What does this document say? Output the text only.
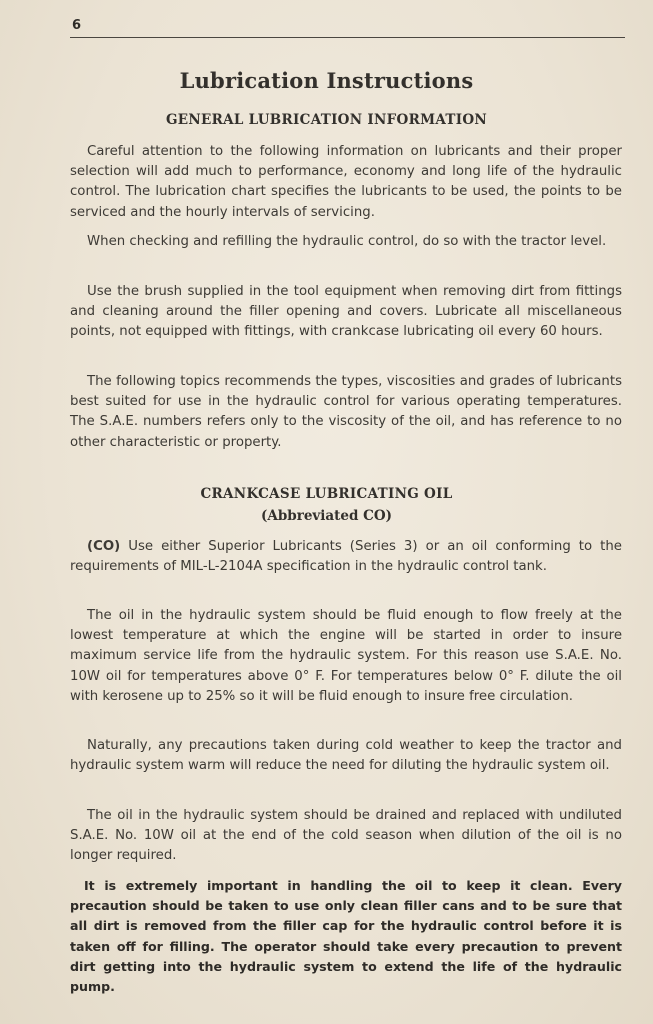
6
Lubrication Instructions
GENERAL LUBRICATION INFORMATION

Careful attention to the following information on lubricants and their proper selection will add much to performance, economy and long life of the hydraulic control. The lubrication chart specifies the lubricants to be used, the points to be serviced and the hourly intervals of servicing.

When checking and refilling the hydraulic control, do so with the tractor level.

Use the brush supplied in the tool equipment when removing dirt from fittings and cleaning around the filler opening and covers. Lubricate all miscellaneous points, not equipped with fittings, with crankcase lubricating oil every 60 hours.

The following topics recommends the types, viscosities and grades of lubricants best suited for use in the hydraulic control for various operating temperatures. The S.A.E. numbers refers only to the viscosity of the oil, and has reference to no other characteristic or property.

CRANKCASE LUBRICATING OIL
(Abbreviated CO)

(CO) Use either Superior Lubricants (Series 3) or an oil conforming to the requirements of MIL-L-2104A specification in the hydraulic control tank.

The oil in the hydraulic system should be fluid enough to flow freely at the lowest temperature at which the engine will be started in order to insure maximum service life from the hydraulic system. For this reason use S.A.E. No. 10W oil for temperatures above 0° F. For temperatures below 0° F. dilute the oil with kerosene up to 25% so it will be fluid enough to insure free circulation.

Naturally, any precautions taken during cold weather to keep the tractor and hydraulic system warm will reduce the need for diluting the hydraulic system oil.

The oil in the hydraulic system should be drained and replaced with undiluted S.A.E. No. 10W oil at the end of the cold season when dilution of the oil is no longer required.

It is extremely important in handling the oil to keep it clean. Every precaution should be taken to use only clean filler cans and to be sure that all dirt is removed from the filler cap for the hydraulic control before it is taken off for filling. The operator should take every precaution to prevent dirt getting into the hydraulic system to extend the life of the hydraulic pump.
